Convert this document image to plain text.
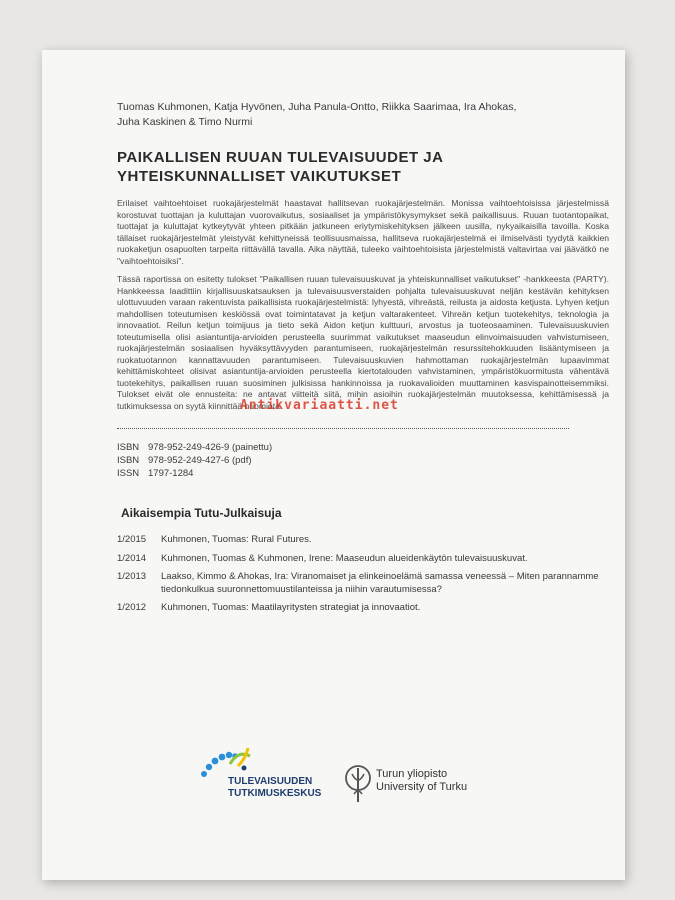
Tuomas Kuhmonen, Katja Hyvönen, Juha Panula-Ontto, Riikka Saarimaa, Ira Ahokas,
Juha Kaskinen & Timo Nurmi
PAIKALLISEN RUUAN TULEVAISUUDET JA
YHTEISKUNNALLISET VAIKUTUKSET

Erilaiset vaihtoehtoiset ruokajärjestelmät haastavat hallitsevan ruokajärjestelmän. Monissa vaihtoehtoisissa järjestelmissä korostuvat tuottajan ja kuluttajan vuorovaikutus, sosiaaliset ja ympäristökysymykset sekä paikallisuus. Ruuan tuotantopaikat, tuottajat ja kuluttajat kytkeytyvät yhteen pitkään jatkuneen eriytymiskehityksen jälkeen uusilla, nykyaikaisilla tavoilla. Koska tällaiset ruokajärjestelmät yleistyvät kehittyneissä teollisuusmaissa, hallitseva ruokajärjestelmä ei ilmiselvästi tyydytä kaikkien ruokaketjun osapuolten tarpeita riittävällä tavalla. Aika näyttää, tuleeko vaihtoehtoisista järjestelmistä valtavirtaa vai jäävätkö ne "vaihtoehtoisiksi".

Tässä raportissa on esitetty tulokset "Paikallisen ruuan tulevaisuuskuvat ja yhteiskunnalliset vaikutukset" -hankkeesta (PARTY). Hankkeessa laadittiin kirjallisuuskatsauksen ja tulevaisuusverstaiden pohjalta tulevaisuuskuvat neljän kestävän kehityksen ulottuvuuden varaan rakentuvista paikallisista ruokajärjestelmistä: lyhyestä, vihreästä, reilusta ja aidosta ketjusta. Lyhyen ketjun mahdollisen toteutumisen keskiössä ovat toimintatavat ja ketjun valtarakenteet. Vihreän ketjun tuotekehitys, teknologia ja innovaatiot. Reilun ketjun toimijuus ja tieto sekä Aidon ketjun kulttuuri, arvostus ja tuoteosaaminen. Tulevaisuuskuvien toteutumisella olisi asiantuntija-arvioiden perusteella suurimmat vaikutukset maaseudun elinvoimaisuuden vahvistumiseen, ruokajärjestelmän sosiaalisen hyväksyttävyyden parantumiseen, ruokajärjestelmän resurssitehokkuuden lisääntymiseen ja ruokatuotannon kannattavuuden parantumiseen. Tulevaisuuskuvien hahmottaman ruokajärjestelmän lupaavimmat kehittämiskohteet olisivat asiantuntija-arvioiden perusteella kiertotalouden vahvistaminen, ympäristökuormitusta vähentävä tuotekehitys, paikallisen ruuan suosiminen julkisissa hankinnoissa ja ruokavalioiden muuttaminen kasvispainotteisemmiksi. Tulokset eivät ole ennusteita: ne antavat viitteitä siitä, mihin asioihin ruokajärjestelmän muutoksessa, kehittämisessä ja tutkimuksessa on syytä kiinnittää huomiota.

ISBN 978-952-249-426-9 (painettu)
ISBN 978-952-249-427-6 (pdf)
ISSN 1797-1284
Aikaisempia Tutu-Julkaisuja
1/2015	Kuhmonen, Tuomas: Rural Futures.
1/2014	Kuhmonen, Tuomas & Kuhmonen, Irene: Maaseudun alueidenkäytön tulevaisuuskuvat.
1/2013	Laakso, Kimmo & Ahokas, Ira: Viranomaiset ja elinkeinoelämä samassa veneessä – Miten parannamme tiedonkulkua suuronnettomuustilanteissa ja niihin varautumisessa?
1/2012	Kuhmonen, Tuomas: Maatilayritysten strategiat ja innovaatiot.
TULEVAISUUDEN
TUTKIMUSKESKUS
Turun yliopisto
University of Turku
Antikvariaatti.net
